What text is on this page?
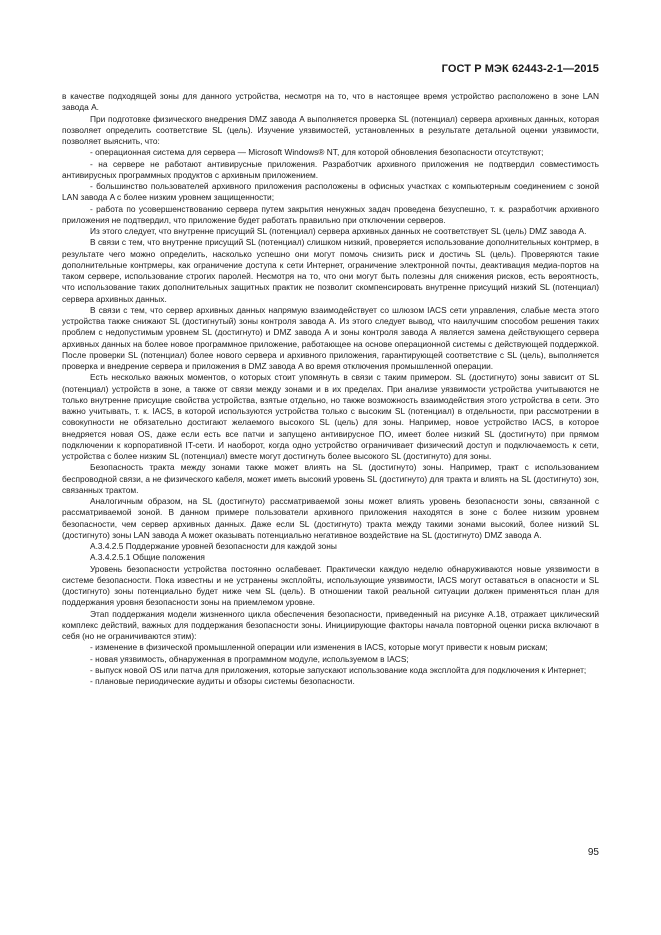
ГОСТ Р МЭК 62443-2-1—2015

в качестве подходящей зоны для данного устройства, несмотря на то, что в настоящее время устройство расположено в зоне LAN завода А.

При подготовке физического внедрения DMZ завода A выполняется проверка SL (потенциал) сервера архивных данных, которая позволяет определить соответствие SL (цель). Изучение уязвимостей, установленных в результате детальной оценки уязвимости, позволяет выяснить, что:

- операционная система для сервера — Microsoft Windows® NT, для которой обновления безопасности отсутствуют;

- на сервере не работают антивирусные приложения. Разработчик архивного приложения не подтвердил совместимость антивирусных программных продуктов с архивным приложением.

- большинство пользователей архивного приложения расположены в офисных участках с компьютерным соединением с зоной LAN завода A с более низким уровнем защищенности;

- работа по усовершенствованию сервера путем закрытия ненужных задач проведена безуспешно, т. к. разработчик архивного приложения не подтвердил, что приложение будет работать правильно при отключении серверов.

Из этого следует, что внутренне присущий SL (потенциал) сервера архивных данных не соответствует SL (цель) DMZ завода А.

В связи с тем, что внутренне присущий SL (потенциал) слишком низкий, проверяется использование дополнительных контрмер, в результате чего можно определить, насколько успешно они могут помочь снизить риск и достичь SL (цель). Проверяются такие дополнительные контрмеры, как ограничение доступа к сети Интернет, ограничение электронной почты, деактивация медиа-портов на таком сервере, использование строгих паролей. Несмотря на то, что они могут быть полезны для снижения рисков, есть вероятность, что использование таких дополнительных защитных практик не позволит скомпенсировать внутренне присущий низкий SL (потенциал) сервера архивных данных.

В связи с тем, что сервер архивных данных напрямую взаимодействует со шлюзом IACS сети управления, слабые места этого устройства также снижают SL (достигнутый) зоны контроля завода А. Из этого следует вывод, что наилучшим способом решения таких проблем с недопустимым уровнем SL (достигнуто) и DMZ завода А и зоны контроля завода А является замена действующего сервера архивных данных на более новое программное приложение, работающее на основе операционной системы с действующей поддержкой. После проверки SL (потенциал) более нового сервера и архивного приложения, гарантирующей соответствие с SL (цель), выполняется проверка и внедрение сервера и приложения в DMZ завода A во время отключения промышленной операции.

Есть несколько важных моментов, о которых стоит упомянуть в связи с таким примером. SL (достигнуто) зоны зависит от SL (потенциал) устройств в зоне, а также от связи между зонами и в их пределах. При анализе уязвимости устройства учитываются не только внутренне присущие свойства устройства, взятые отдельно, но также возможность взаимодействия этого устройства в сети. Это важно учитывать, т. к. IACS, в которой используются устройства только с высоким SL (потенциал) в отдельности, при рассмотрении в совокупности не обязательно достигают желаемого высокого SL (цель) для зоны. Например, новое устройство IACS, в которое внедряется новая OS, даже если есть все патчи и запущено антивирусное ПО, имеет более низкий SL (достигнуто) при прямом подключении к корпоративной IT-сети. И наоборот, когда одно устройство ограничивает физический доступ и подключаемость к сети, устройства с более низким SL (потенциал) вместе могут достигнуть более высокого SL (достигнуто) для зоны.

Безопасность тракта между зонами также может влиять на SL (достигнуто) зоны. Например, тракт с использованием беспроводной связи, а не физического кабеля, может иметь высокий уровень SL (достигнуто) для тракта и влиять на SL (достигнуто) зон, связанных трактом.

Аналогичным образом, на SL (достигнуто) рассматриваемой зоны может влиять уровень безопасности зоны, связанной с рассматриваемой зоной. В данном примере пользователи архивного приложения находятся в зоне с более низким уровнем безопасности, чем сервер архивных данных. Даже если SL (достигнуто) тракта между такими зонами высокий, более низкий SL (достигнуто) зоны LAN завода A может оказывать потенциально негативное воздействие на SL (достигнуто) DMZ завода А.

А.3.4.2.5 Поддержание уровней безопасности для каждой зоны

А.3.4.2.5.1 Общие положения

Уровень безопасности устройства постоянно ослабевает. Практически каждую неделю обнаруживаются новые уязвимости в системе безопасности. Пока известны и не устранены эксплойты, использующие уязвимости, IACS могут оставаться в опасности и SL (достигнуто) зоны потенциально будет ниже чем SL (цель). В отношении такой реальной ситуации должен применяться план для поддержания уровня безопасности зоны на приемлемом уровне.

Этап поддержания модели жизненного цикла обеспечения безопасности, приведенный на рисунке А.18, отражает циклический комплекс действий, важных для поддержания безопасности зоны. Инициирующие факторы начала повторной оценки риска включают в себя (но не ограничиваются этим):

- изменение в физической промышленной операции или изменения в IACS, которые могут привести к новым рискам;

- новая уязвимость, обнаруженная в программном модуле, используемом в IACS;

- выпуск новой OS или патча для приложения, которые запускают использование кода эксплойта для подключения к Интернет;

- плановые периодические аудиты и обзоры системы безопасности.

95
